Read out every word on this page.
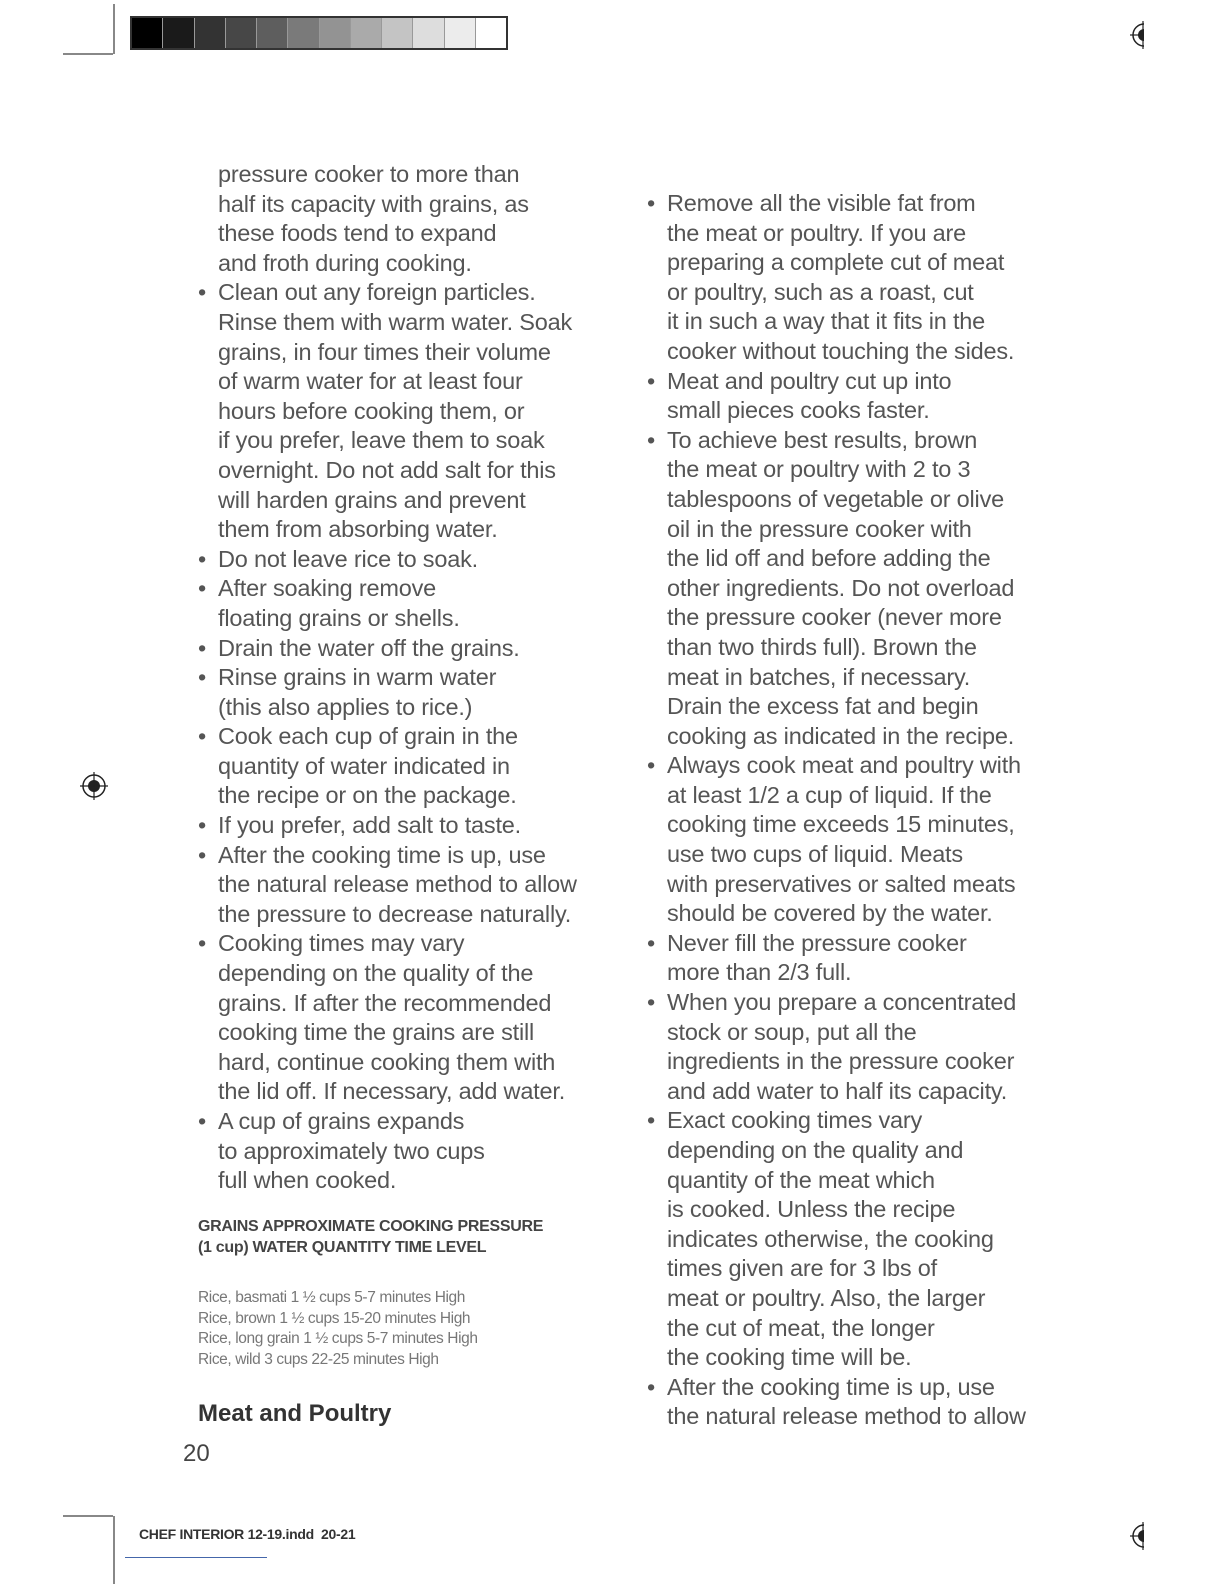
pressure cooker to more than
half its capacity with grains, as
these foods tend to expand
and froth during cooking.
• Clean out any foreign particles.
Rinse them with warm water. Soak
grains, in four times their volume
of warm water for at least four
hours before cooking them, or
if you prefer, leave them to soak
overnight. Do not add salt for this
will harden grains and prevent
them from absorbing water.
• Do not leave rice to soak.
• After soaking remove
floating grains or shells.
• Drain the water off the grains.
• Rinse grains in warm water
(this also applies to rice.)
• Cook each cup of grain in the
quantity of water indicated in
the recipe or on the package.
• If you prefer, add salt to taste.
• After the cooking time is up, use
the natural release method to allow
the pressure to decrease naturally.
• Cooking times may vary
depending on the quality of the
grains. If after the recommended
cooking time the grains are still
hard, continue cooking them with
the lid off. If necessary, add water.
• A cup of grains expands
to approximately two cups
full when cooked.
GRAINS APPROXIMATE COOKING PRESSURE
(1 cup) WATER QUANTITY TIME LEVEL
Rice, basmati 1 ½ cups 5-7 minutes High
Rice, brown 1 ½ cups 15-20 minutes High
Rice, long grain 1 ½ cups 5-7 minutes High
Rice, wild 3 cups 22-25 minutes High
Meat and Poultry
20
• Remove all the visible fat from
the meat or poultry. If you are
preparing a complete cut of meat
or poultry, such as a roast, cut
it in such a way that it fits in the
cooker without touching the sides.
• Meat and poultry cut up into
small pieces cooks faster.
• To achieve best results, brown
the meat or poultry with 2 to 3
tablespoons of vegetable or olive
oil in the pressure cooker with
the lid off and before adding the
other ingredients. Do not overload
the pressure cooker (never more
than two thirds full). Brown the
meat in batches, if necessary.
Drain the excess fat and begin
cooking as indicated in the recipe.
• Always cook meat and poultry with
at least 1/2 a cup of liquid. If the
cooking time exceeds 15 minutes,
use two cups of liquid. Meats
with preservatives or salted meats
should be covered by the water.
• Never fill the pressure cooker
more than 2/3 full.
• When you prepare a concentrated
stock or soup, put all the
ingredients in the pressure cooker
and add water to half its capacity.
• Exact cooking times vary
depending on the quality and
quantity of the meat which
is cooked. Unless the recipe
indicates otherwise, the cooking
times given are for 3 lbs of
meat or poultry. Also, the larger
the cut of meat, the longer
the cooking time will be.
• After the cooking time is up, use
the natural release method to allow
CHEF INTERIOR 12-19.indd 20-21
